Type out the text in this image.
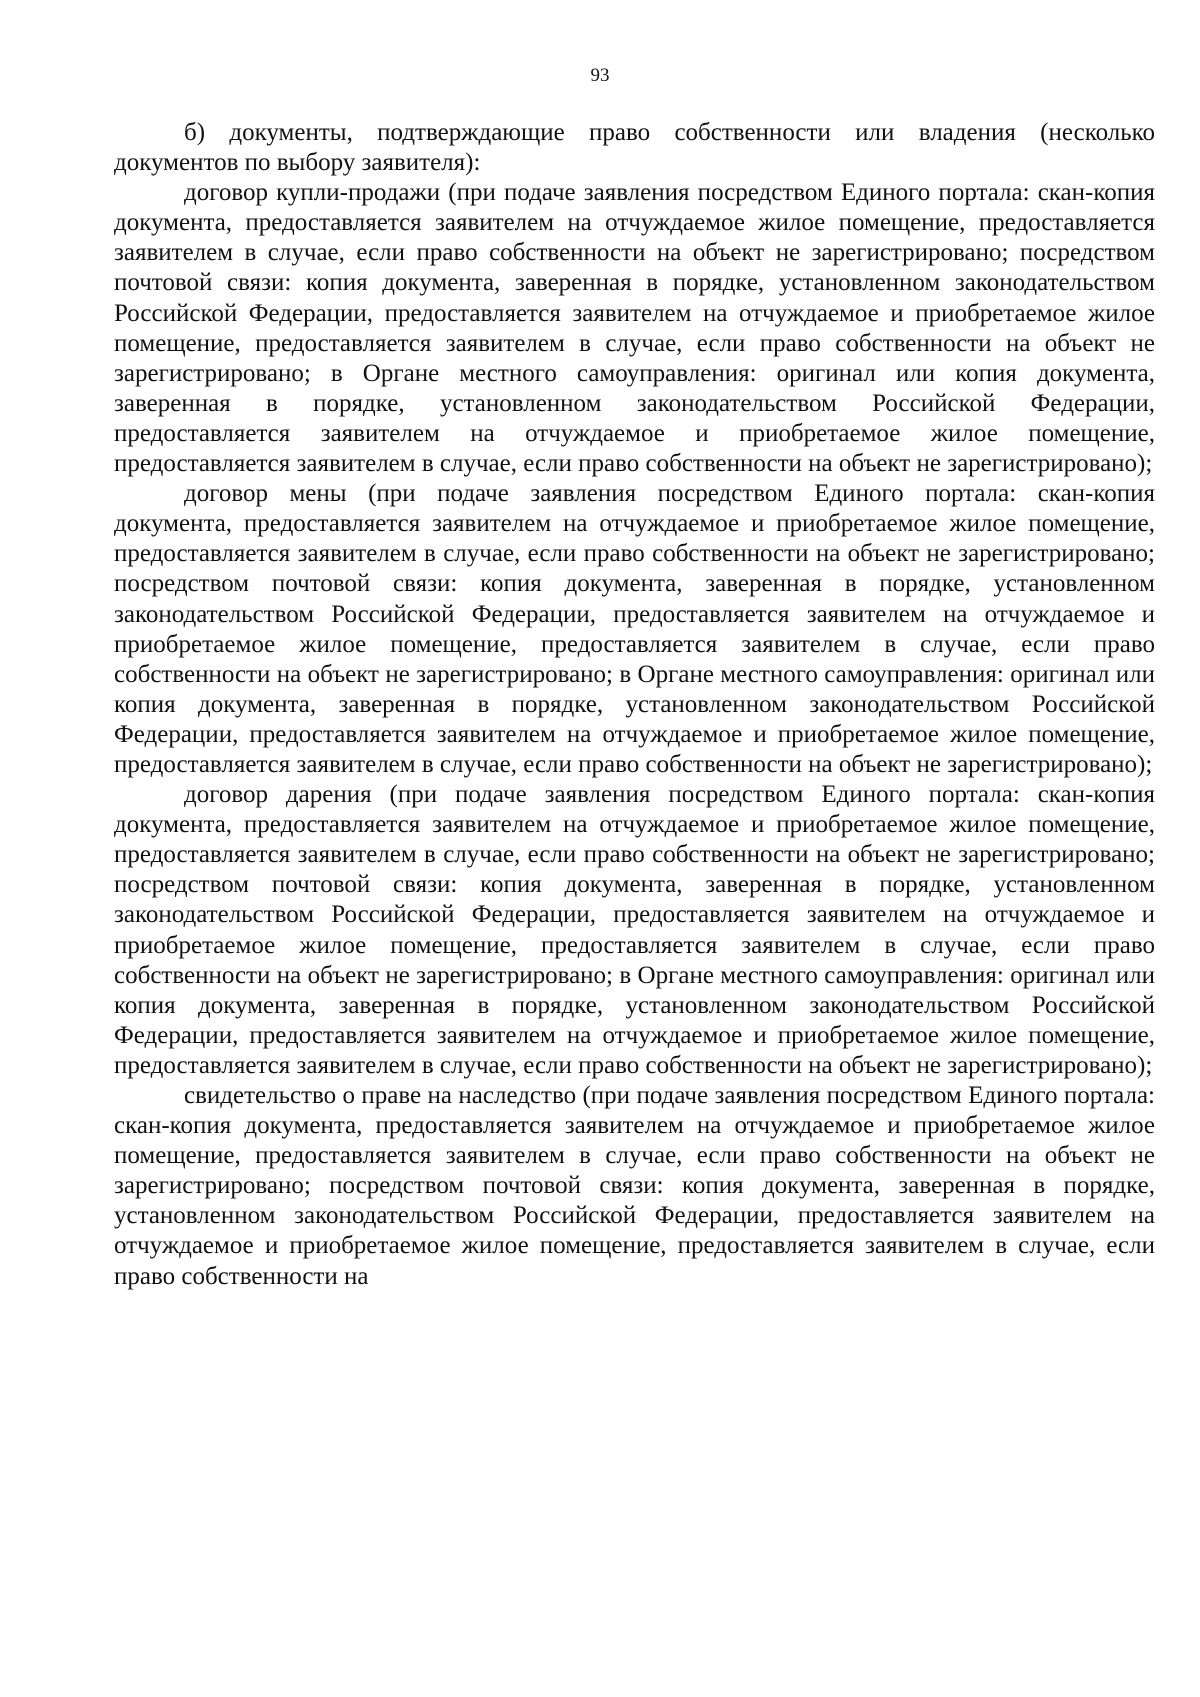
93

б) документы, подтверждающие право собственности или владения (несколько документов по выбору заявителя):

договор купли-продажи (при подаче заявления посредством Единого портала: скан-копия документа, предоставляется заявителем на отчуждаемое жилое помещение, предоставляется заявителем в случае, если право собственности на объект не зарегистрировано; посредством почтовой связи: копия документа, заверенная в порядке, установленном законодательством Российской Федерации, предоставляется заявителем на отчуждаемое и приобретаемое жилое помещение, предоставляется заявителем в случае, если право собственности на объект не зарегистрировано; в Органе местного самоуправления: оригинал или копия документа, заверенная в порядке, установленном законодательством Российской Федерации, предоставляется заявителем на отчуждаемое и приобретаемое жилое помещение, предоставляется заявителем в случае, если право собственности на объект не зарегистрировано);

договор мены (при подаче заявления посредством Единого портала: скан-копия документа, предоставляется заявителем на отчуждаемое и приобретаемое жилое помещение, предоставляется заявителем в случае, если право собственности на объект не зарегистрировано; посредством почтовой связи: копия документа, заверенная в порядке, установленном законодательством Российской Федерации, предоставляется заявителем на отчуждаемое и приобретаемое жилое помещение, предоставляется заявителем в случае, если право собственности на объект не зарегистрировано; в Органе местного самоуправления: оригинал или копия документа, заверенная в порядке, установленном законодательством Российской Федерации, предоставляется заявителем на отчуждаемое и приобретаемое жилое помещение, предоставляется заявителем в случае, если право собственности на объект не зарегистрировано);

договор дарения (при подаче заявления посредством Единого портала: скан-копия документа, предоставляется заявителем на отчуждаемое и приобретаемое жилое помещение, предоставляется заявителем в случае, если право собственности на объект не зарегистрировано; посредством почтовой связи: копия документа, заверенная в порядке, установленном законодательством Российской Федерации, предоставляется заявителем на отчуждаемое и приобретаемое жилое помещение, предоставляется заявителем в случае, если право собственности на объект не зарегистрировано; в Органе местного самоуправления: оригинал или копия документа, заверенная в порядке, установленном законодательством Российской Федерации, предоставляется заявителем на отчуждаемое и приобретаемое жилое помещение, предоставляется заявителем в случае, если право собственности на объект не зарегистрировано);

свидетельство о праве на наследство (при подаче заявления посредством Единого портала: скан-копия документа, предоставляется заявителем на отчуждаемое и приобретаемое жилое помещение, предоставляется заявителем в случае, если право собственности на объект не зарегистрировано; посредством почтовой связи: копия документа, заверенная в порядке, установленном законодательством Российской Федерации, предоставляется заявителем на отчуждаемое и приобретаемое жилое помещение, предоставляется заявителем в случае, если право собственности на
